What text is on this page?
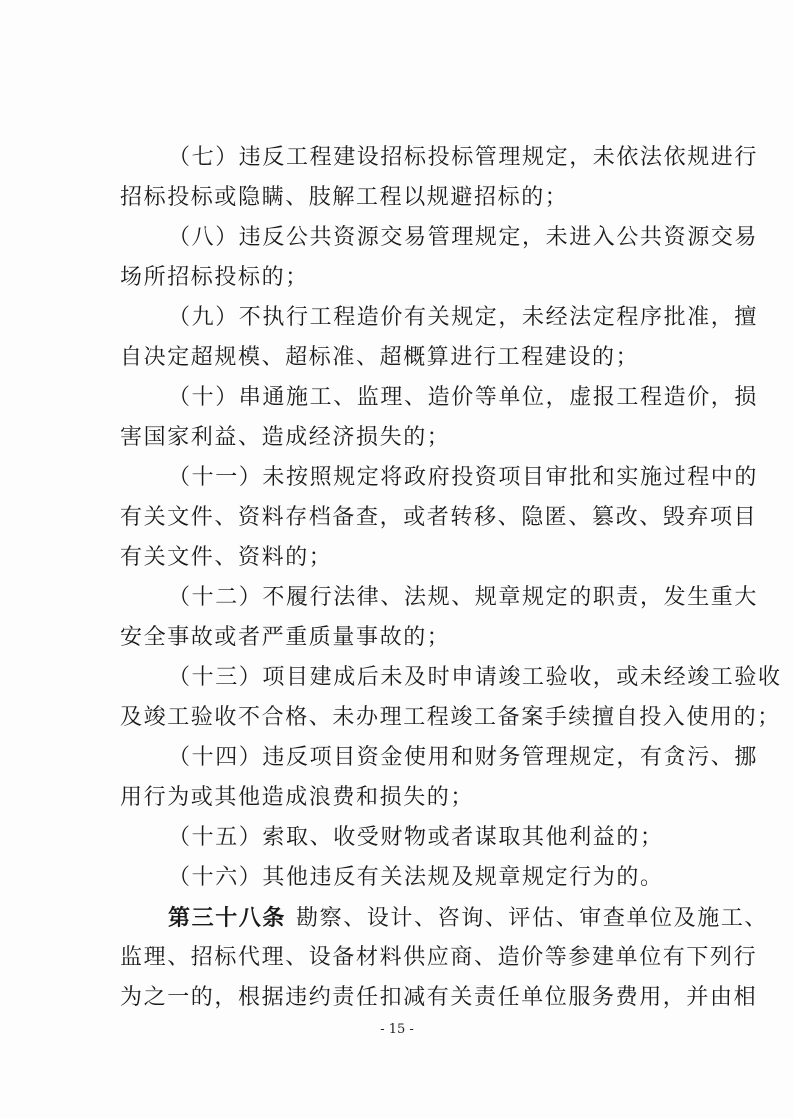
（七）违反工程建设招标投标管理规定，未依法依规进行
招标投标或隐瞒、肢解工程以规避招标的；
（八）违反公共资源交易管理规定，未进入公共资源交易
场所招标投标的；
（九）不执行工程造价有关规定，未经法定程序批准，擅
自决定超规模、超标准、超概算进行工程建设的；
（十）串通施工、监理、造价等单位，虚报工程造价，损
害国家利益、造成经济损失的；
（十一）未按照规定将政府投资项目审批和实施过程中的
有关文件、资料存档备查，或者转移、隐匿、篡改、毁弃项目
有关文件、资料的；
（十二）不履行法律、法规、规章规定的职责，发生重大
安全事故或者严重质量事故的；
（十三）项目建成后未及时申请竣工验收，或未经竣工验收
及竣工验收不合格、未办理工程竣工备案手续擅自投入使用的；
（十四）违反项目资金使用和财务管理规定，有贪污、挪
用行为或其他造成浪费和损失的；
（十五）索取、收受财物或者谋取其他利益的；
（十六）其他违反有关法规及规章规定行为的。
第三十八条 勘察、设计、咨询、评估、审查单位及施工、
监理、招标代理、设备材料供应商、造价等参建单位有下列行
为之一的，根据违约责任扣减有关责任单位服务费用，并由相
- 15 -
